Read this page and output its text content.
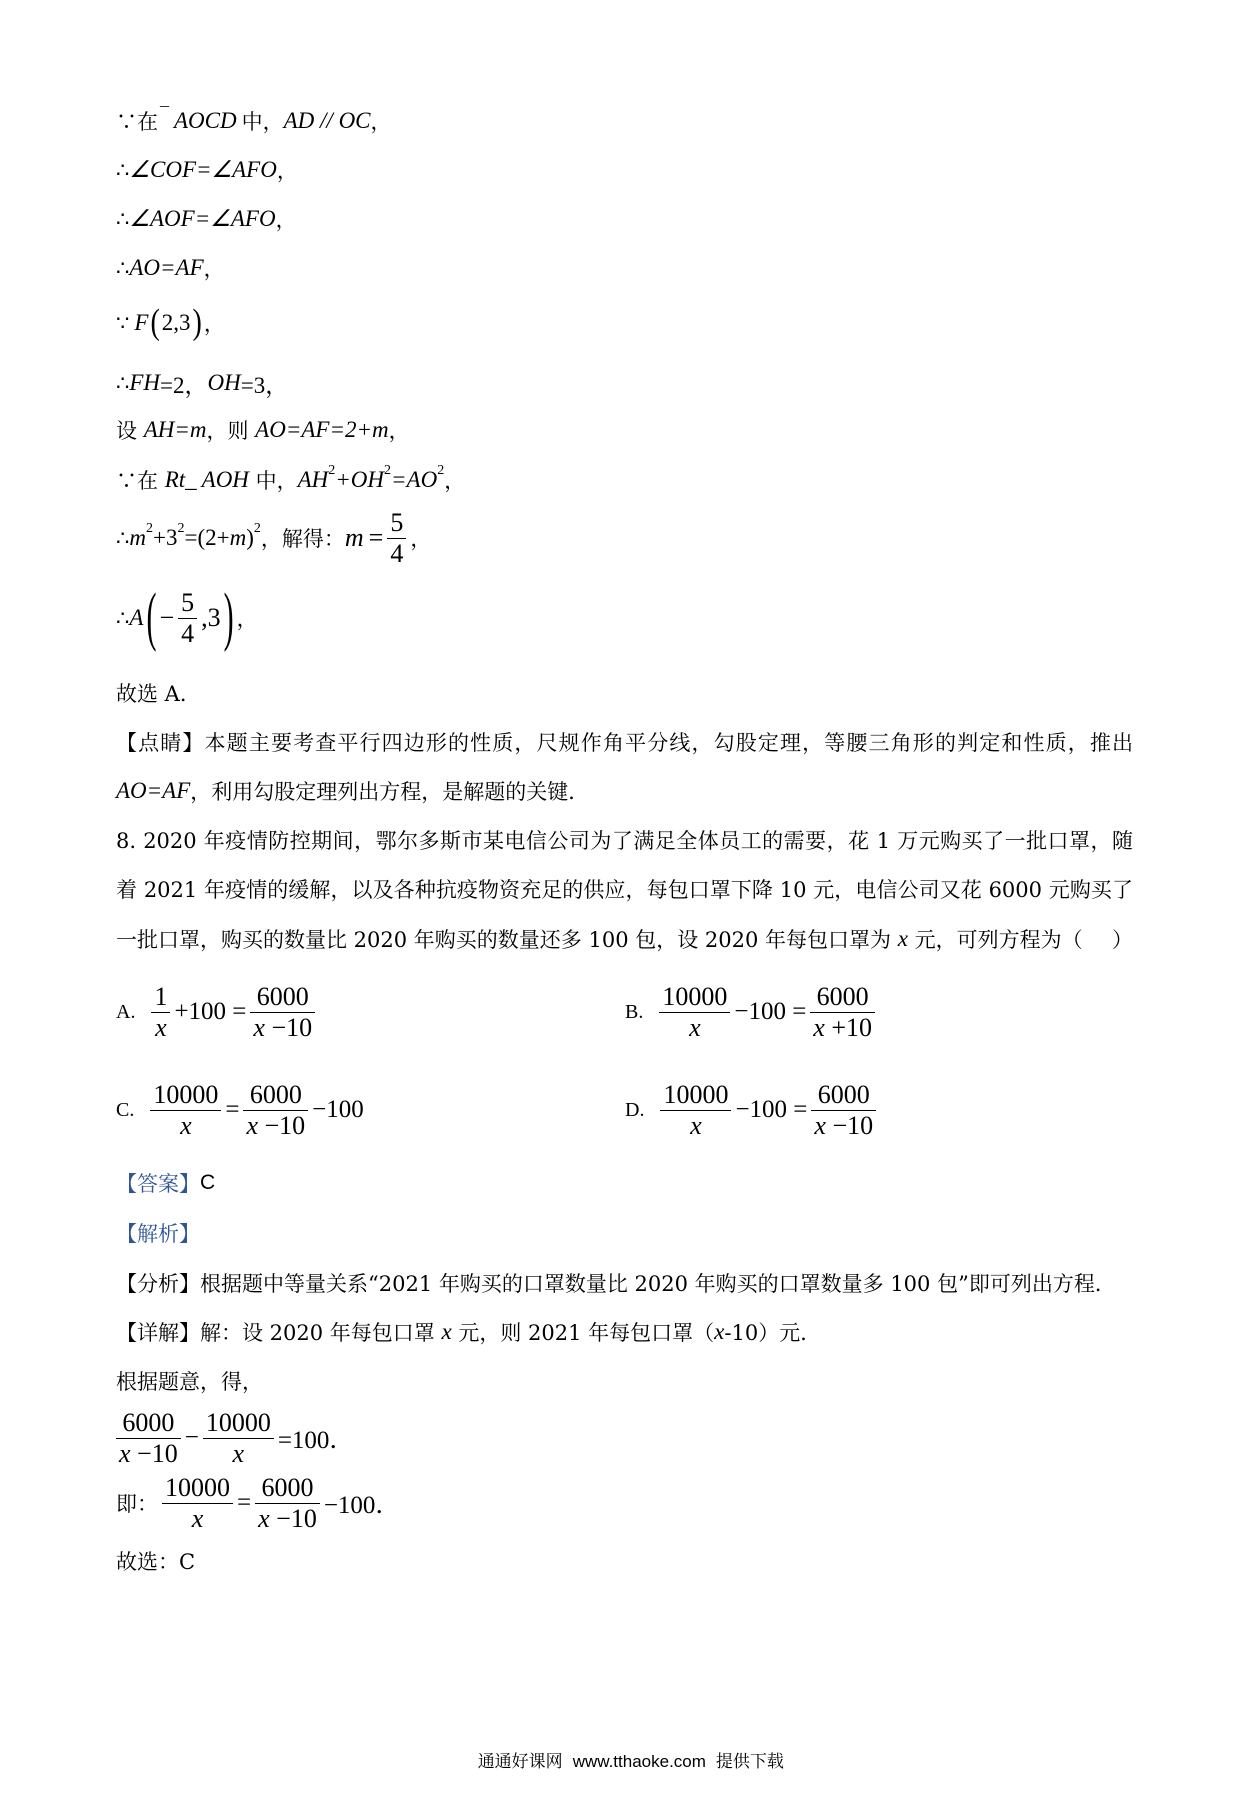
∵在 ¯ AOCD 中， AD // OC ，
∴ ∠COF=∠AFO ，
∴ ∠AOF=∠AFO ，
∴ AO=AF ，
∵ F ( 2,3 ) ，
∴ FH =2， OH =3，
设 AH=m ，则 AO=AF=2+m ，
∵在 Rt _ AOH 中， AH 2 +OH 2 =AO 2 ，
∴ m 2 +3 2 =(2+ m ) 2 ，解得： $m = \frac{5}{4}$ ，
∴ A ( − $\frac{5}{4} ,3$ ) ，
故选 A．
【点睛】本题主要考查平行四边形的性质，尺规作角平分线，勾股定理，等腰三角形的判定和性质，推出
AO=AF ，利用勾股定理列出方程，是解题的关键．
8. 2020 年疫情防控期间，鄂尔多斯市某电信公司为了满足全体员工的需要，花 1 万元购买了一批口罩，随
着 2021 年疫情的缓解，以及各种抗疫物资充足的供应，每包口罩下降 10 元，电信公司又花 6000 元购买了
一批口罩，购买的数量比 2020 年购买的数量还多 100 包，设 2020 年每包口罩为 x 元，可列方程为（ ）
A. $\frac{1}{x} +100 = \frac{6000}{x -10}$	B. $\frac{10000}{x} -100 = \frac{6000}{x +10}$
C. $\frac{10000}{x} = \frac{6000}{x -10} -100$	D. $\frac{10000}{x} -100 = \frac{6000}{x -10}$
【答案】 C
【解析】
【分析】 根据题中等量关系“2021 年购买的口罩数量比 2020 年购买的口罩数量多 100 包”即可列出方程．
【详解】 解：设 2020 年每包口罩 x 元，则 2021 年每包口罩（ x -10）元．
根据题意，得，
$\frac{6000}{x -10} - \frac{10000}{x} =100$．
即： $\frac{10000}{x} = \frac{6000}{x -10} -100$．
故选：C

通通好课网 www.tthaoke.com 提供下载
